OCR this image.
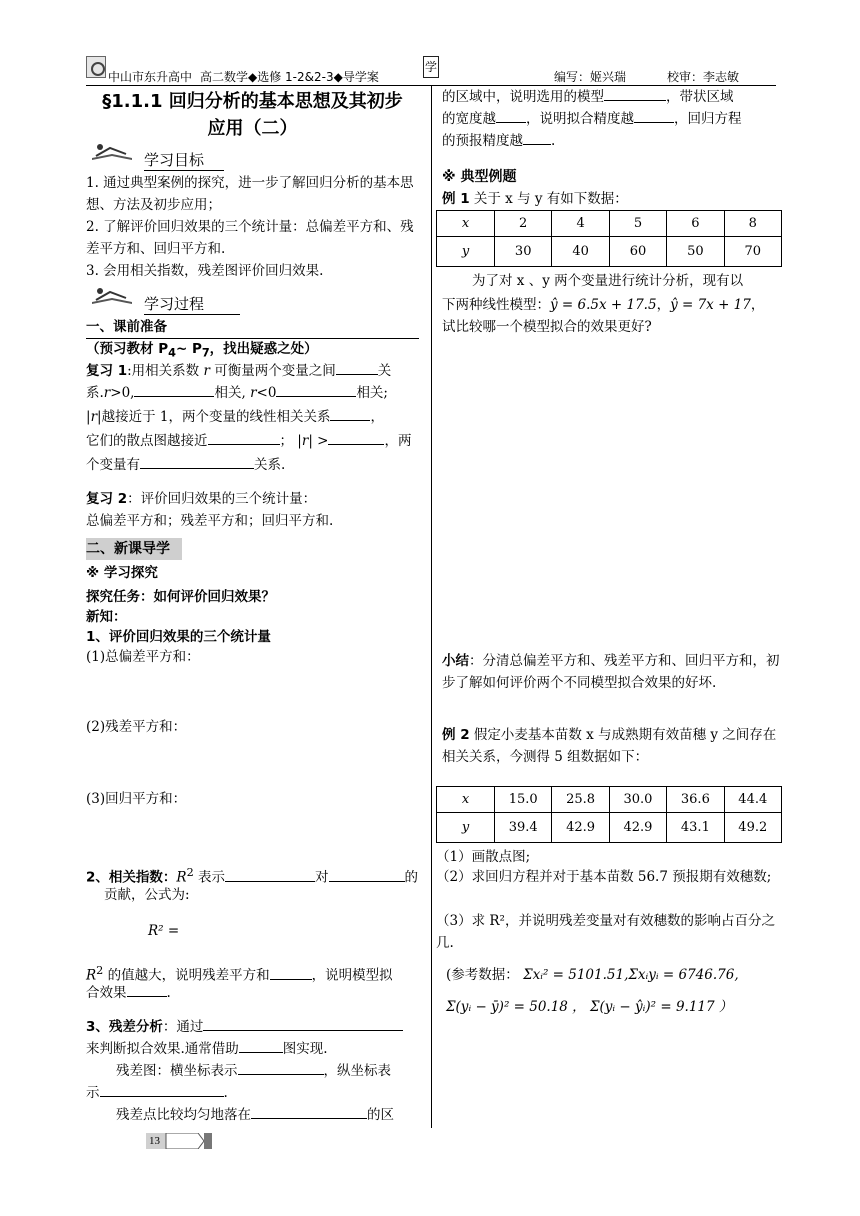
中山市东升高中 高二数学◆选修 1-2&2-3◆导学案
学
编写：姬兴瑞	校审：李志敏
§1.1.1 回归分析的基本思想及其初步
应用（二）
学习目标
1. 通过典型案例的探究，进一步了解回归分析的基本思想、方法及初步应用；
2. 了解评价回归效果的三个统计量：总偏差平方和、残差平方和、回归平方和.
3. 会用相关指数，残差图评价回归效果.
学习过程
一、课前准备
（预习教材 $P_4\sim$ $P_7$，找出疑惑之处）
复习 1:用相关系数 r 可衡量两个变量之间	关
系.r>0,	相关, r<0	相关;
|r|越接近于 1，两个变量的线性相关关系	，
它们的散点图越接近	； |r| >	，两
个变量有	关系.
复习 2：评价回归效果的三个统计量：
总偏差平方和；残差平方和；回归平方和.
二、新课导学
※ 学习探究
探究任务：如何评价回归效果？
新知：
1、评价回归效果的三个统计量
(1)总偏差平方和：
(2)残差平方和：
(3)回归平方和：
2、相关指数：$R^2$ 表示	对	的
贡献，公式为:
R² =
$R^2$ 的值越大，说明残差平方和	，说明模型拟
合效果	.
3、残差分析：通过
来判断拟合效果.通常借助	图实现.
残差图：横坐标表示	，纵坐标表
示	.
残差点比较均匀地落在	的区
的区域中，说明选用的模型	，带状区域
的宽度越 ，说明拟合精度越	，回归方程
的预报精度越 .
※ 典型例题
例 1 关于 x 与 y 有如下数据：
x	2	4	5	6	8
y	30	40	60	50	70
为了对 x 、y 两个变量进行统计分析，现有以
下两种线性模型：ŷ = 6.5x + 17.5，ŷ = 7x + 17，
试比较哪一个模型拟合的效果更好?
小结：分清总偏差平方和、残差平方和、回归平方和，初步了解如何评价两个不同模型拟合效果的好坏.
例 2 假定小麦基本苗数 x 与成熟期有效苗穗 y 之间存在相关关系，今测得 5 组数据如下：
x	15.0	25.8	30.0	36.6	44.4
y	39.4	42.9	42.9	43.1	49.2
（1）画散点图;
（2）求回归方程并对于基本苗数 56.7 预报期有效穗数;
（3）求 R²，并说明残差变量对有效穗数的影响占百分之几.
(参考数据： Σxᵢ² = 5101.51,Σxᵢyᵢ = 6746.76,
Σ(yᵢ − ȳ)² = 50.18 ， Σ(yᵢ − ŷᵢ)² = 9.117 ）
13
